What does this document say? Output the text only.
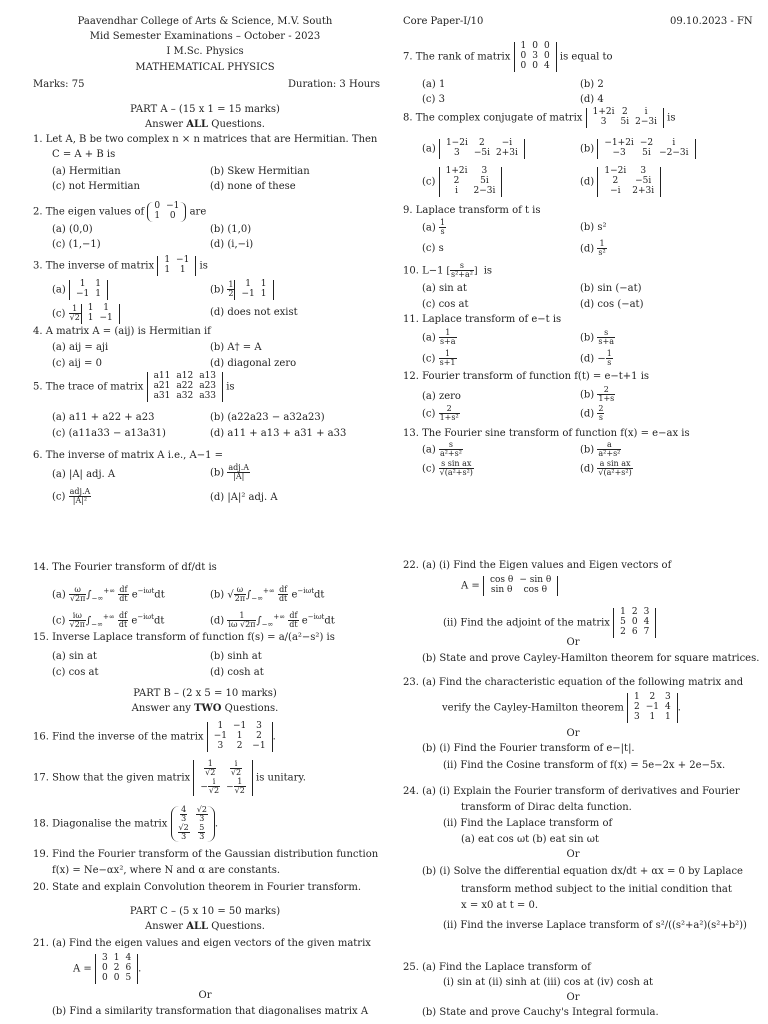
Paavendhar College of Arts & Science, M.V. South
Mid Semester Examinations – October - 2023
I M.Sc. Physics
MATHEMATICAL PHYSICS
Marks: 75	Duration: 3 Hours
Core Paper-I/10	09.10.2023 - FN
PART A – (15 x 1 = 15 marks)
Answer ALL Questions.
1. Let A, B be two complex n × n matrices that are Hermitian. Then
C = A + B is
(a) Hermitian	(b) Skew Hermitian
(c) not Hermitian	(d) none of these
2. The eigen values of
0	−1
1	0 are
(a) (0,0)	(b) (1,0)
(c) (1,−1)	(d) (i,−i)
3. The inverse of matrix
1	−1
1	1 is
(a)
1	1
−1	1	$(b) \frac{1}{2} 1$	1
−1	1
$(c) \frac{1}{√2} 1$	1
1	−1	(d) does not exist
4. A matrix A = (aij) is Hermitian if
(a) aij = aji	(b) A† = A
(c) aij = 0	(d) diagonal zero
5. The trace of matrix
a11	a12	a13
a21	a22	a23
a31	a32	a33
is
(a) a11 + a22 + a23	(b) (a22a23 − a32a23)
(c) (a11a33 − a13a31)	(d) a11 + a13 + a31 + a33
6. The inverse of matrix A i.e., A−1 =
(a) |A| adj. A	$(b) \frac{\text{adj.A}}{|A|}$
$(c) \frac{\text{adj.A}}{\text{|A|²}}$	(d) |A|² adj. A
7. The rank of matrix
1	0	0
0	3	0
0	0	4
is equal to
(a) 1	(b) 2
(c) 3	(d) 4
8. The complex conjugate of matrix
1+2i	2	i
3	5i	2−3i is
(a)
1−2i	2	−i
3	−5i	2+3i	(b)
−1+2i	−2	i
−3	5i	−2−3i
(c)
1+2i	3
2	5i
i	2−3i
(d)
1−2i	3
2	−5i
−i	2+3i
9. Laplace transform of t is
$(a) \frac{1}{s}$	(b) s²
(c) s	$(d) \frac{1}{\text{s²}}$
10. L−1 [ $\frac{s}{\text{s²+a²}}$ ] is
(a) sin at	(b) sin (−at)
(c) cos at	(d) cos (−at)
11. Laplace transform of e−t is
$(a) \frac{1}{s+a}$	$(b) \frac{s}{s+a}$
$(c) \frac{1}{s+1}$	$(d) - \frac{1}{s}$
12. Fourier transform of function f(t) = e−t+1 is
(a) zero	$(b) \frac{2}{1+s}$
$(c) \frac{2}{\text{1+s²}}$	$(d) \frac{2}{s}$
13. The Fourier sine transform of function f(x) = e−ax is
$(a) \frac{s}{\text{a²+s²}}$	$(b) \frac{a}{\text{a²+s²}}$
$(c) \frac{\text{s sin ax}}{\text{√(a²+s²)}}$	$(d) \frac{\text{a sin ax}}{\text{√(a²+s²)}}$
14. The Fourier transform of df/dt is
$(a) \frac{\omega}{√2\pi} \int_{-\infty}^{+\infty} \frac{df}{dt} e^{-i\omega t}dt$	(b) √ $\frac{\omega}{2\pi} \int_{-\infty}^{+\infty} \frac{df}{dt} e^{-i\omega t}dt$
$(c) \frac{i\omega}{√2\pi} \int_{-\infty}^{+\infty} \frac{df}{dt} e^{-i\omega t}dt$	$(d) \frac{1}{i\omega √2\pi} \int_{-\infty}^{+\infty} \frac{df}{dt} e^{-i\omega t}dt$
15. Inverse Laplace transform of function f(s) = a/(a²−s²) is
(a) sin at	(b) sinh at
(c) cos at	(d) cosh at
PART B – (2 x 5 = 10 marks)
Answer any TWO Questions.
16. Find the inverse of the matrix
1	−1	3
−1	1	2
3	2	−1
.
17. Show that the given matrix $\frac{1}{√2}$	$\frac{i}{√2}$

− $\frac{i}{√2}$	− $\frac{1}{√2}$ is unitary.
18. Diagonalise the matrix $\frac{4}{3}$	$\frac{√2}{3}$

$\frac{√2}{3}$	$\frac{5}{3}$ .
19. Find the Fourier transform of the Gaussian distribution function
f(x) = Ne−αx², where N and α are constants.
20. State and explain Convolution theorem in Fourier transform.
PART C – (5 x 10 = 50 marks)
Answer ALL Questions.
21. (a) Find the eigen values and eigen vectors of the given matrix
A =
3	1	4
0	2	6
0	0	5
.
Or
(b) Find a similarity transformation that diagonalises matrix A
22. (a) (i) Find the Eigen values and Eigen vectors of
A =
cos θ	− sin θ
sin θ	cos θ
(ii) Find the adjoint of the matrix
1	2	3
5	0	4
2	6	7
Or
(b) State and prove Cayley-Hamilton theorem for square matrices.
23. (a) Find the characteristic equation of the following matrix and
verify the Cayley-Hamilton theorem
1	2	3
2	−1	4
3	1	1
.
Or
(b) (i) Find the Fourier transform of e−|t|.
(ii) Find the Cosine transform of f(x) = 5e−2x + 2e−5x.
24. (a) (i) Explain the Fourier transform of derivatives and Fourier
transform of Dirac delta function.
(ii) Find the Laplace transform of
(a) eat cos ωt (b) eat sin ωt
Or
(b) (i) Solve the differential equation dx/dt + αx = 0 by Laplace
transform method subject to the initial condition that
x = x0 at t = 0.
(ii) Find the inverse Laplace transform of s²/((s²+a²)(s²+b²))
25. (a) Find the Laplace transform of
(i) sin at (ii) sinh at (iii) cos at (iv) cosh at
Or
(b) State and prove Cauchy's Integral formula.
